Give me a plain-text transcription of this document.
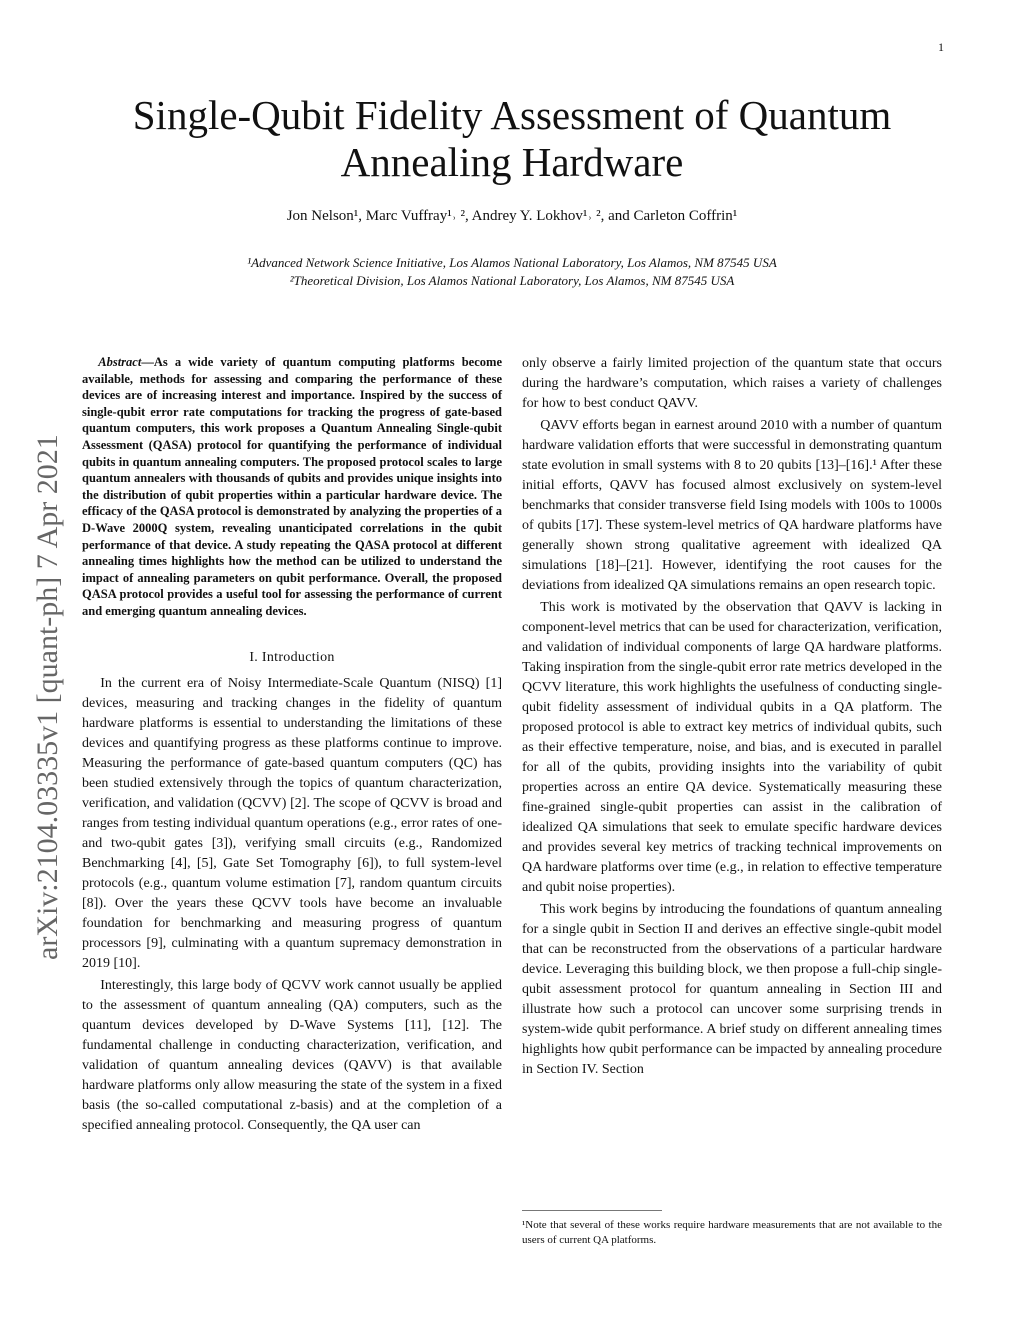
1
Single-Qubit Fidelity Assessment of Quantum Annealing Hardware
Jon Nelson¹, Marc Vuffray¹˒ ², Andrey Y. Lokhov¹˒ ², and Carleton Coffrin¹
¹Advanced Network Science Initiative, Los Alamos National Laboratory, Los Alamos, NM 87545 USA
²Theoretical Division, Los Alamos National Laboratory, Los Alamos, NM 87545 USA
arXiv:2104.03335v1 [quant-ph] 7 Apr 2021

Abstract—As a wide variety of quantum computing platforms become available, methods for assessing and comparing the performance of these devices are of increasing interest and importance. Inspired by the success of single-qubit error rate computations for tracking the progress of gate-based quantum computers, this work proposes a Quantum Annealing Single-qubit Assessment (QASA) protocol for quantifying the performance of individual qubits in quantum annealing computers. The proposed protocol scales to large quantum annealers with thousands of qubits and provides unique insights into the distribution of qubit properties within a particular hardware device. The efficacy of the QASA protocol is demonstrated by analyzing the properties of a D-Wave 2000Q system, revealing unanticipated correlations in the qubit performance of that device. A study repeating the QASA protocol at different annealing times highlights how the method can be utilized to understand the impact of annealing parameters on qubit performance. Overall, the proposed QASA protocol provides a useful tool for assessing the performance of current and emerging quantum annealing devices.

I. Introduction

In the current era of Noisy Intermediate-Scale Quantum (NISQ) [1] devices, measuring and tracking changes in the fidelity of quantum hardware platforms is essential to understanding the limitations of these devices and quantifying progress as these platforms continue to improve. Measuring the performance of gate-based quantum computers (QC) has been studied extensively through the topics of quantum characterization, verification, and validation (QCVV) [2]. The scope of QCVV is broad and ranges from testing individual quantum operations (e.g., error rates of one- and two-qubit gates [3]), verifying small circuits (e.g., Randomized Benchmarking [4], [5], Gate Set Tomography [6]), to full system-level protocols (e.g., quantum volume estimation [7], random quantum circuits [8]). Over the years these QCVV tools have become an invaluable foundation for benchmarking and measuring progress of quantum processors [9], culminating with a quantum supremacy demonstration in 2019 [10].

Interestingly, this large body of QCVV work cannot usually be applied to the assessment of quantum annealing (QA) computers, such as the quantum devices developed by D-Wave Systems [11], [12]. The fundamental challenge in conducting characterization, verification, and validation of quantum annealing devices (QAVV) is that available hardware platforms only allow measuring the state of the system in a fixed basis (the so-called computational z-basis) and at the completion of a specified annealing protocol. Consequently, the QA user can

only observe a fairly limited projection of the quantum state that occurs during the hardware’s computation, which raises a variety of challenges for how to best conduct QAVV.

QAVV efforts began in earnest around 2010 with a number of quantum hardware validation efforts that were successful in demonstrating quantum state evolution in small systems with 8 to 20 qubits [13]–[16].¹ After these initial efforts, QAVV has focused almost exclusively on system-level benchmarks that consider transverse field Ising models with 100s to 1000s of qubits [17]. These system-level metrics of QA hardware platforms have generally shown strong qualitative agreement with idealized QA simulations [18]–[21]. However, identifying the root causes for the deviations from idealized QA simulations remains an open research topic.

This work is motivated by the observation that QAVV is lacking in component-level metrics that can be used for characterization, verification, and validation of individual components of large QA hardware platforms. Taking inspiration from the single-qubit error rate metrics developed in the QCVV literature, this work highlights the usefulness of conducting single-qubit fidelity assessment of individual qubits in a QA platform. The proposed protocol is able to extract key metrics of individual qubits, such as their effective temperature, noise, and bias, and is executed in parallel for all of the qubits, providing insights into the variability of qubit properties across an entire QA device. Systematically measuring these fine-grained single-qubit properties can assist in the calibration of idealized QA simulations that seek to emulate specific hardware devices and provides several key metrics of tracking technical improvements on QA hardware platforms over time (e.g., in relation to effective temperature and qubit noise properties).

This work begins by introducing the foundations of quantum annealing for a single qubit in Section II and derives an effective single-qubit model that can be reconstructed from the observations of a particular hardware device. Leveraging this building block, we then propose a full-chip single-qubit assessment protocol for quantum annealing in Section III and illustrate how such a protocol can uncover some surprising trends in system-wide qubit performance. A brief study on different annealing times highlights how qubit performance can be impacted by annealing procedure in Section IV. Section

¹Note that several of these works require hardware measurements that are not available to the users of current QA platforms.
